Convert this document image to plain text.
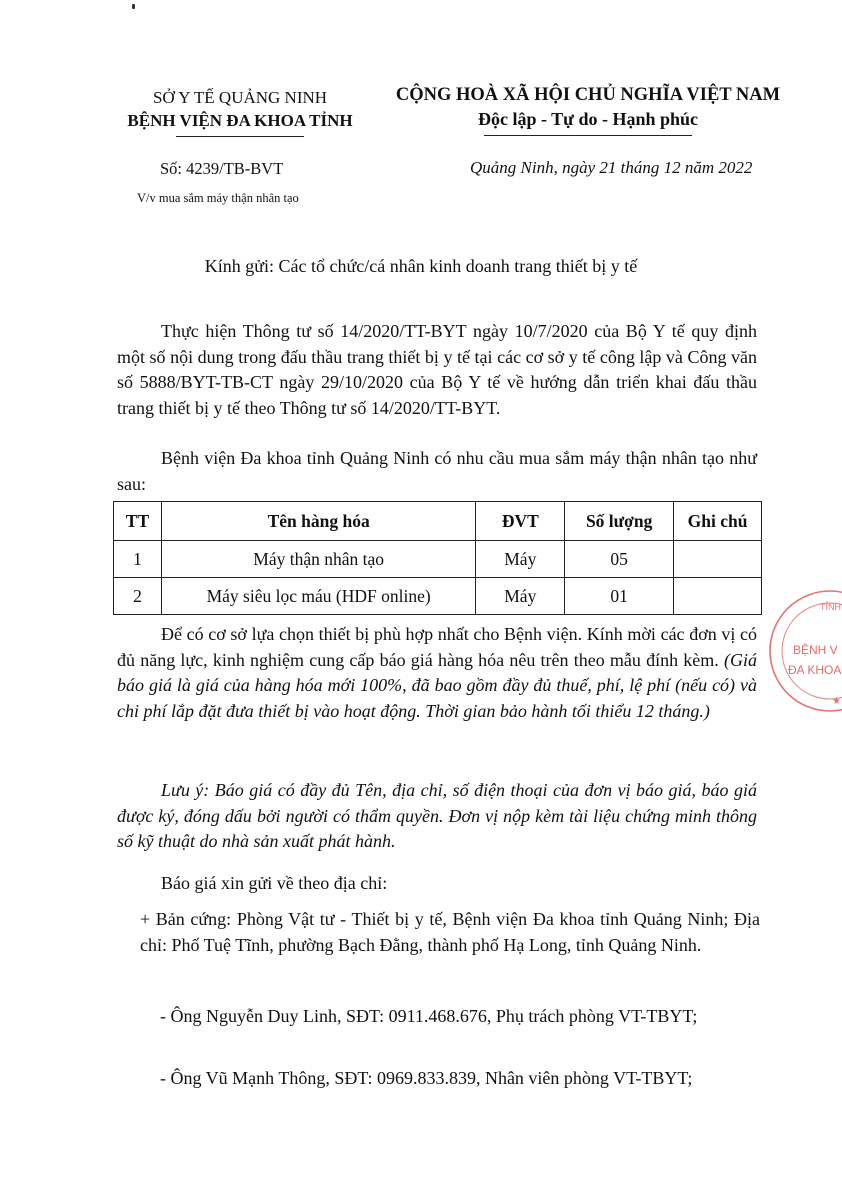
SỞ Y TẾ QUẢNG NINH
BỆNH VIỆN ĐA KHOA TỈNH
CỘNG HOÀ XÃ HỘI CHỦ NGHĨA VIỆT NAM
Độc lập - Tự do - Hạnh phúc
Số: 4239/TB-BVT
V/v mua sắm máy thận nhân tạo
Quảng Ninh, ngày 21 tháng 12 năm 2022
Kính gửi: Các tổ chức/cá nhân kinh doanh trang thiết bị y tế

Thực hiện Thông tư số 14/2020/TT-BYT ngày 10/7/2020 của Bộ Y tế quy định một số nội dung trong đấu thầu trang thiết bị y tế tại các cơ sở y tế công lập và Công văn số 5888/BYT-TB-CT ngày 29/10/2020 của Bộ Y tế về hướng dẫn triển khai đấu thầu trang thiết bị y tế theo Thông tư số 14/2020/TT-BYT.

Bệnh viện Đa khoa tỉnh Quảng Ninh có nhu cầu mua sắm máy thận nhân tạo như sau:

TT	Tên hàng hóa	ĐVT	Số lượng	Ghi chú
1	Máy thận nhân tạo	Máy	05	
2	Máy siêu lọc máu (HDF online)	Máy	01	

Để có cơ sở lựa chọn thiết bị phù hợp nhất cho Bệnh viện. Kính mời các đơn vị có đủ năng lực, kinh nghiệm cung cấp báo giá hàng hóa nêu trên theo mẫu đính kèm. (Giá báo giá là giá của hàng hóa mới 100%, đã bao gồm đầy đủ thuế, phí, lệ phí (nếu có) và chi phí lắp đặt đưa thiết bị vào hoạt động. Thời gian bảo hành tối thiểu 12 tháng.)

Lưu ý: Báo giá có đầy đủ Tên, địa chỉ, số điện thoại của đơn vị báo giá, báo giá được ký, đóng dấu bởi người có thẩm quyền. Đơn vị nộp kèm tài liệu chứng minh thông số kỹ thuật do nhà sản xuất phát hành.

Báo giá xin gửi về theo địa chỉ:

+ Bản cứng: Phòng Vật tư - Thiết bị y tế, Bệnh viện Đa khoa tỉnh Quảng Ninh; Địa chỉ: Phố Tuệ Tĩnh, phường Bạch Đằng, thành phố Hạ Long, tỉnh Quảng Ninh.

- Ông Nguyễn Duy Linh, SĐT: 0911.468.676, Phụ trách phòng VT-TBYT;

- Ông Vũ Mạnh Thông, SĐT: 0969.833.839, Nhân viên phòng VT-TBYT;

TỈNH
BỆNH V
ĐA KHOA
★
